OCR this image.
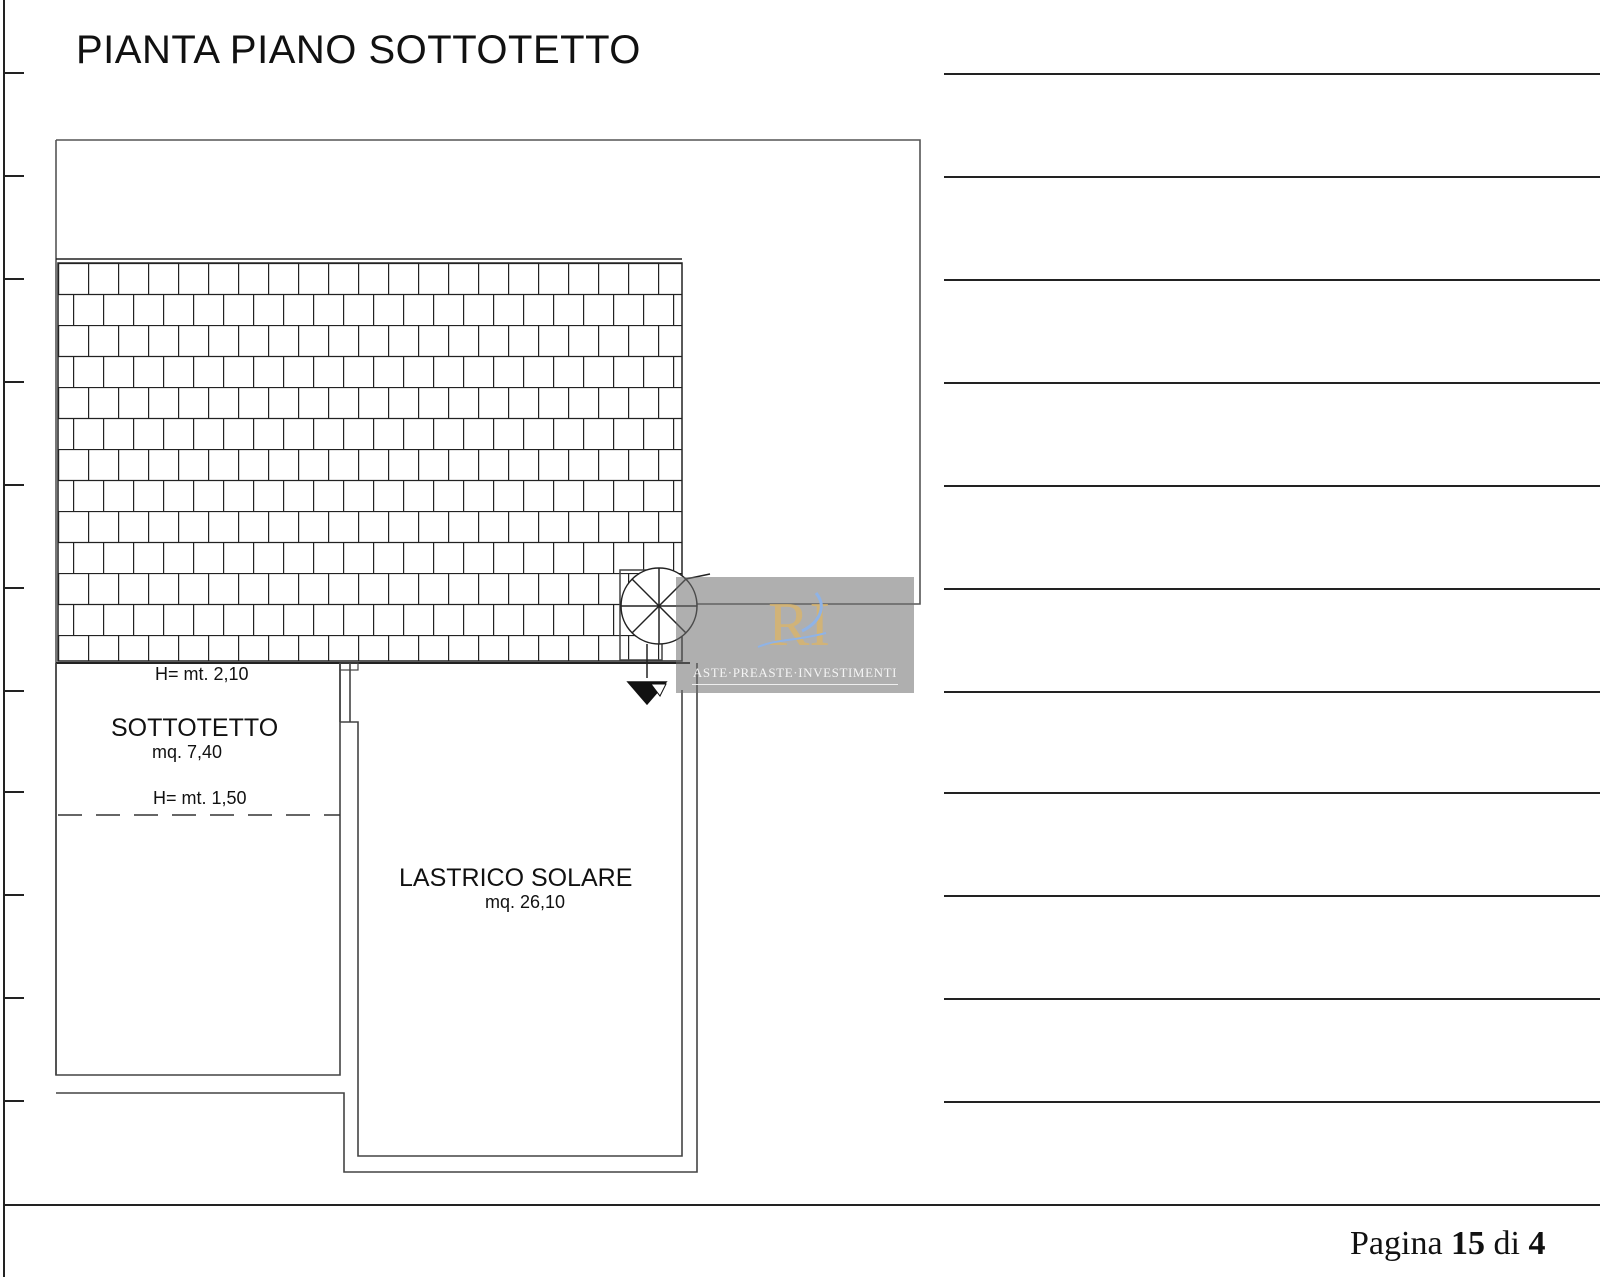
PIANTA PIANO SOTTOTETTO
H= mt. 2,10
SOTTOTETTO
mq. 7,40
H= mt. 1,50
LASTRICO SOLARE
mq. 26,10
RI
ASTE·PREASTE·INVESTIMENTI
Pagina 15 di 4
